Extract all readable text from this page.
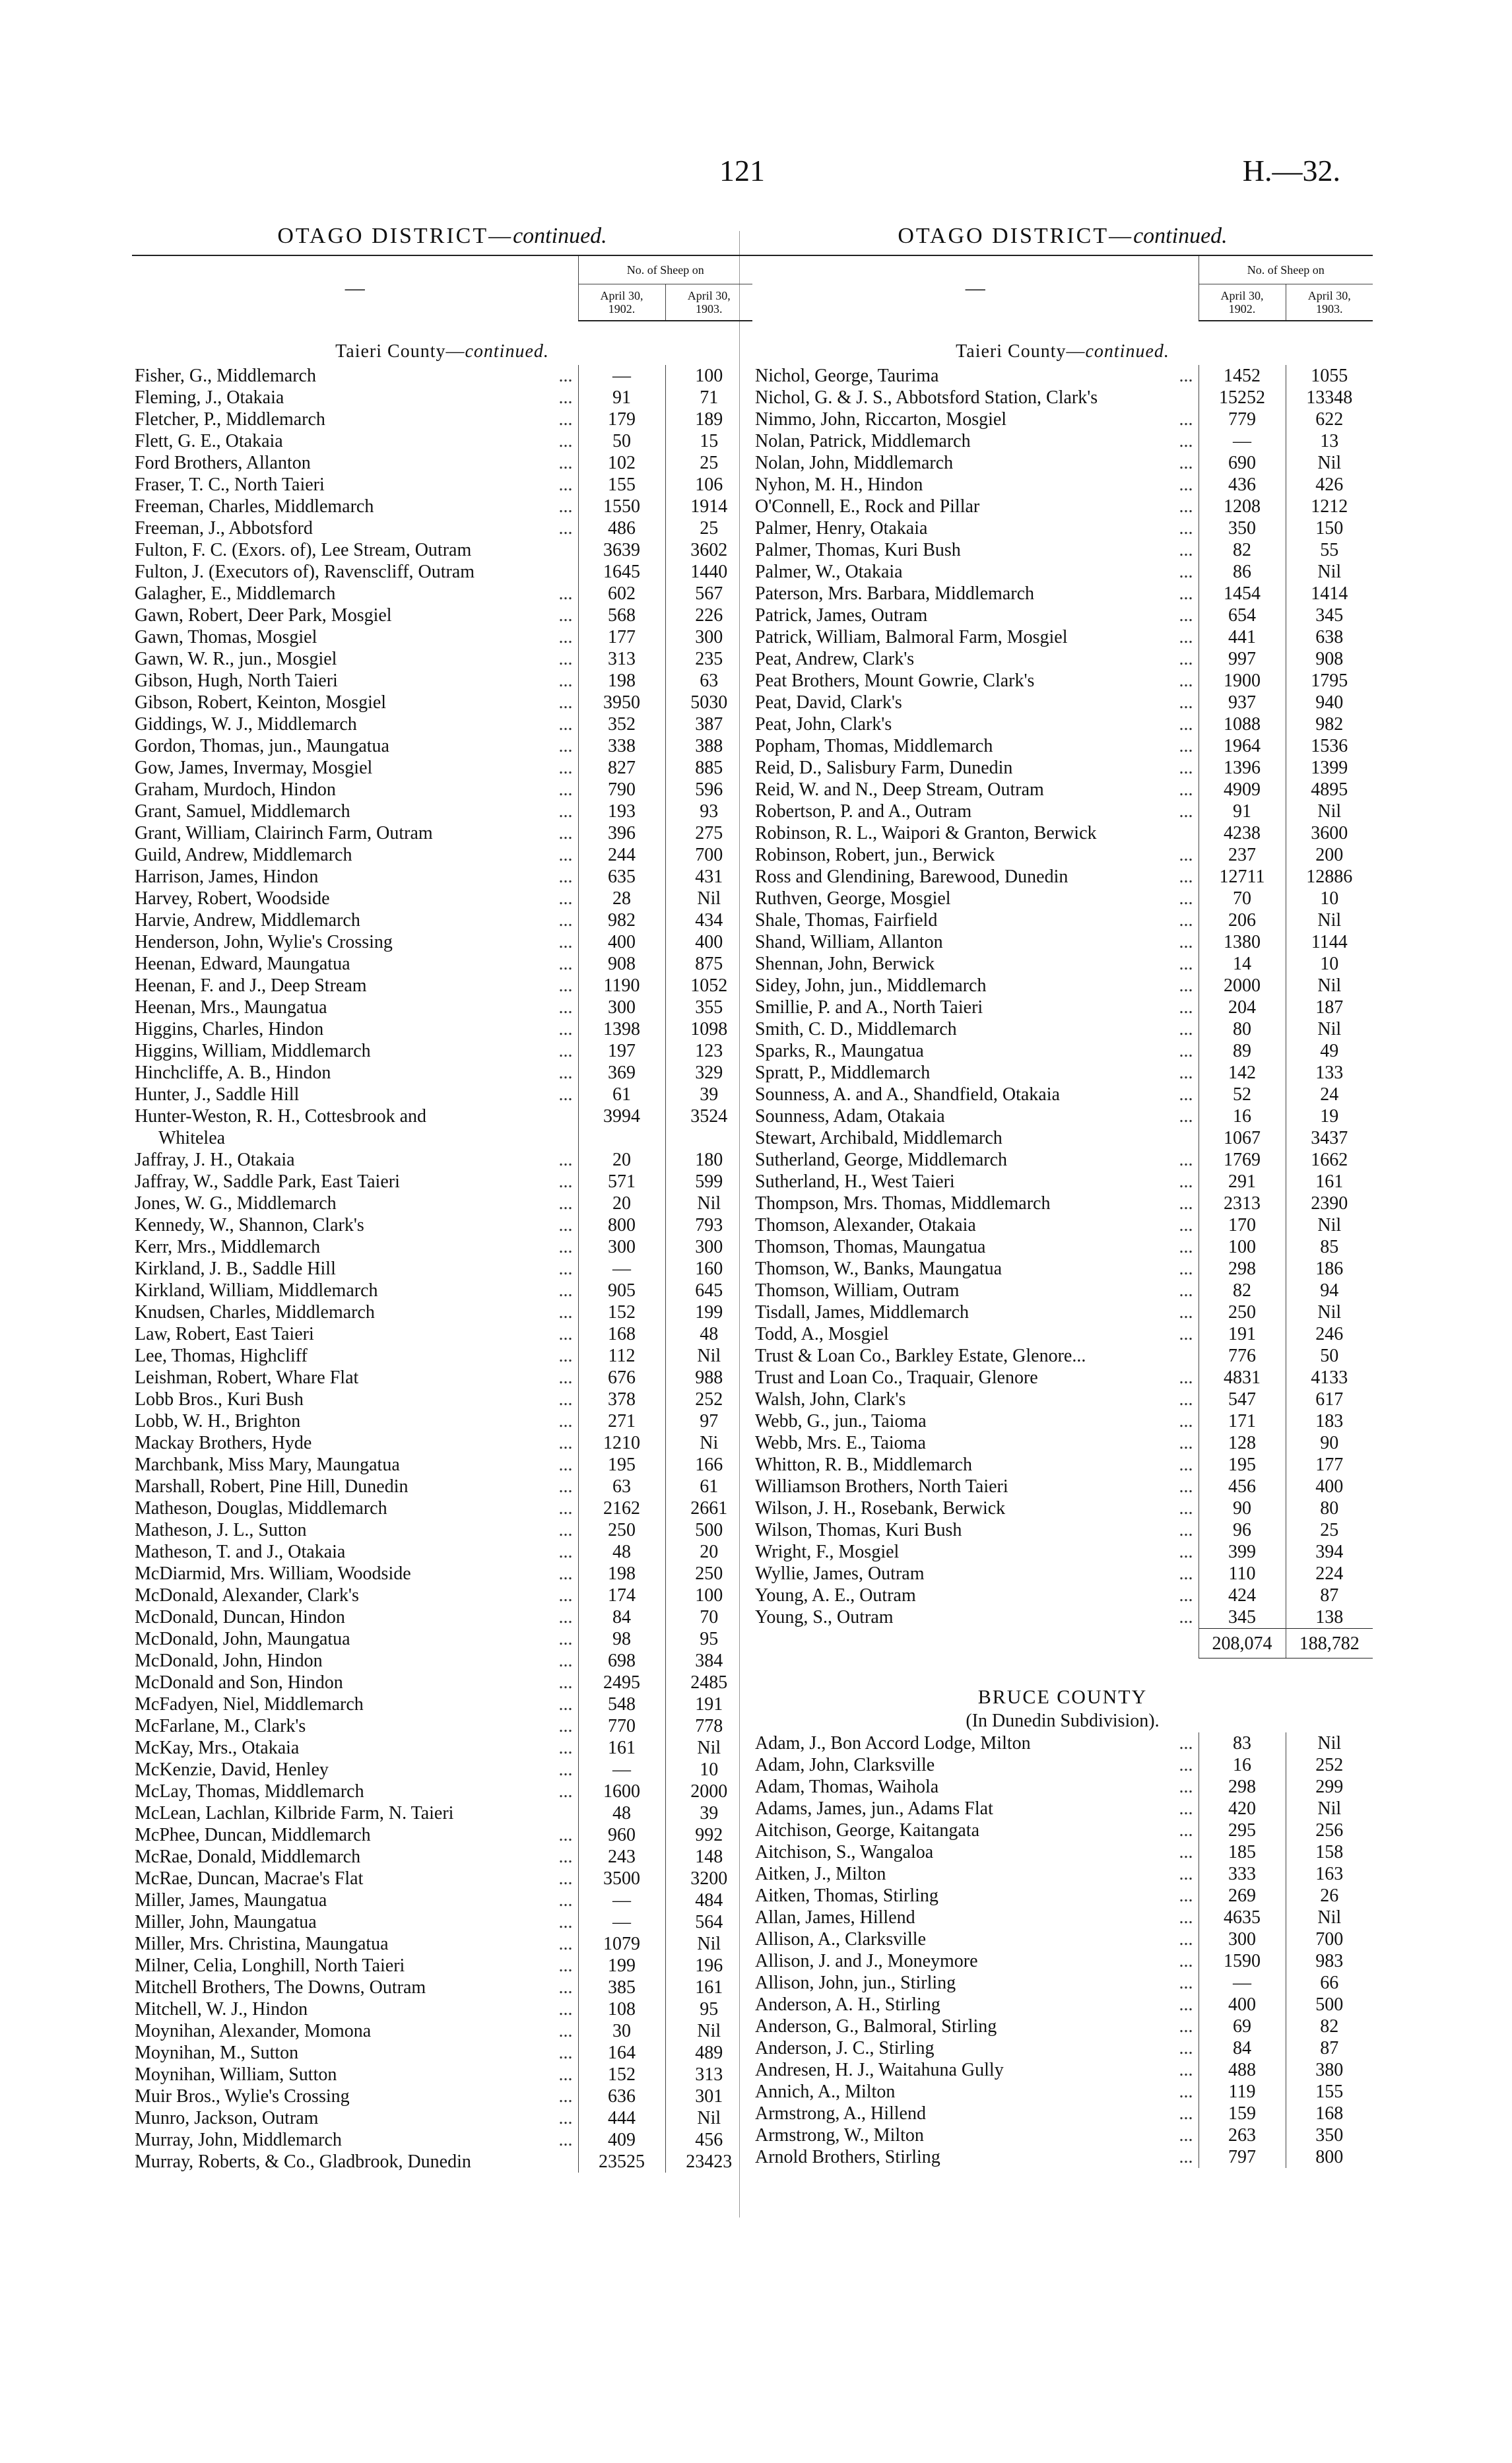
121	H.—32.
OTAGO DISTRICT—continued.
—	No. of Sheep on	
	April 30,
1902.	April 30,
1903.
Taieri County—continued.		
Fisher, G., Middlemarch ...	—	100
Fleming, J., Otakaia ...	91	71
Fletcher, P., Middlemarch ...	179	189
Flett, G. E., Otakaia ...	50	15
Ford Brothers, Allanton ...	102	25
Fraser, T. C., North Taieri ...	155	106
Freeman, Charles, Middlemarch ...	1550	1914
Freeman, J., Abbotsford ...	486	25
Fulton, F. C. (Exors. of), Lee Stream, Outram	3639	3602
Fulton, J. (Executors of), Ravenscliff, Outram	1645	1440
Galagher, E., Middlemarch ...	602	567
Gawn, Robert, Deer Park, Mosgiel ...	568	226
Gawn, Thomas, Mosgiel ...	177	300
Gawn, W. R., jun., Mosgiel ...	313	235
Gibson, Hugh, North Taieri ...	198	63
Gibson, Robert, Keinton, Mosgiel ...	3950	5030
Giddings, W. J., Middlemarch ...	352	387
Gordon, Thomas, jun., Maungatua ...	338	388
Gow, James, Invermay, Mosgiel ...	827	885
Graham, Murdoch, Hindon ...	790	596
Grant, Samuel, Middlemarch ...	193	93
Grant, William, Clairinch Farm, Outram ...	396	275
Guild, Andrew, Middlemarch ...	244	700
Harrison, James, Hindon ...	635	431
Harvey, Robert, Woodside ...	28	Nil
Harvie, Andrew, Middlemarch ...	982	434
Henderson, John, Wylie's Crossing ...	400	400
Heenan, Edward, Maungatua ...	908	875
Heenan, F. and J., Deep Stream ...	1190	1052
Heenan, Mrs., Maungatua ...	300	355
Higgins, Charles, Hindon ...	1398	1098
Higgins, William, Middlemarch ...	197	123
Hinchcliffe, A. B., Hindon ...	369	329
Hunter, J., Saddle Hill ...	61	39
Hunter-Weston, R. H., Cottesbrook and	3994	3524
Whitelea		
Jaffray, J. H., Otakaia ...	20	180
Jaffray, W., Saddle Park, East Taieri ...	571	599
Jones, W. G., Middlemarch ...	20	Nil
Kennedy, W., Shannon, Clark's ...	800	793
Kerr, Mrs., Middlemarch ...	300	300
Kirkland, J. B., Saddle Hill ...	—	160
Kirkland, William, Middlemarch ...	905	645
Knudsen, Charles, Middlemarch ...	152	199
Law, Robert, East Taieri ...	168	48
Lee, Thomas, Highcliff ...	112	Nil
Leishman, Robert, Whare Flat ...	676	988
Lobb Bros., Kuri Bush ...	378	252
Lobb, W. H., Brighton ...	271	97
Mackay Brothers, Hyde ...	1210	Ni
Marchbank, Miss Mary, Maungatua ...	195	166
Marshall, Robert, Pine Hill, Dunedin ...	63	61
Matheson, Douglas, Middlemarch ...	2162	2661
Matheson, J. L., Sutton ...	250	500
Matheson, T. and J., Otakaia ...	48	20
McDiarmid, Mrs. William, Woodside ...	198	250
McDonald, Alexander, Clark's ...	174	100
McDonald, Duncan, Hindon ...	84	70
McDonald, John, Maungatua ...	98	95
McDonald, John, Hindon ...	698	384
McDonald and Son, Hindon ...	2495	2485
McFadyen, Niel, Middlemarch ...	548	191
McFarlane, M., Clark's ...	770	778
McKay, Mrs., Otakaia ...	161	Nil
McKenzie, David, Henley ...	—	10
McLay, Thomas, Middlemarch ...	1600	2000
McLean, Lachlan, Kilbride Farm, N. Taieri	48	39
McPhee, Duncan, Middlemarch ...	960	992
McRae, Donald, Middlemarch ...	243	148
McRae, Duncan, Macrae's Flat ...	3500	3200
Miller, James, Maungatua ...	—	484
Miller, John, Maungatua ...	—	564
Miller, Mrs. Christina, Maungatua ...	1079	Nil
Milner, Celia, Longhill, North Taieri ...	199	196
Mitchell Brothers, The Downs, Outram ...	385	161
Mitchell, W. J., Hindon ...	108	95
Moynihan, Alexander, Momona ...	30	Nil
Moynihan, M., Sutton ...	164	489
Moynihan, William, Sutton ...	152	313
Muir Bros., Wylie's Crossing ...	636	301
Munro, Jackson, Outram ...	444	Nil
Murray, John, Middlemarch ...	409	456
Murray, Roberts, & Co., Gladbrook, Dunedin	23525	23423
OTAGO DISTRICT—continued.
—	No. of Sheep on	
	April 30,
1902.	April 30,
1903.
Taieri County—continued.		
Nichol, George, Taurima ...	1452	1055
Nichol, G. & J. S., Abbotsford Station, Clark's	15252	13348
Nimmo, John, Riccarton, Mosgiel ...	779	622
Nolan, Patrick, Middlemarch ...	—	13
Nolan, John, Middlemarch ...	690	Nil
Nyhon, M. H., Hindon ...	436	426
O'Connell, E., Rock and Pillar ...	1208	1212
Palmer, Henry, Otakaia ...	350	150
Palmer, Thomas, Kuri Bush ...	82	55
Palmer, W., Otakaia ...	86	Nil
Paterson, Mrs. Barbara, Middlemarch ...	1454	1414
Patrick, James, Outram ...	654	345
Patrick, William, Balmoral Farm, Mosgiel ...	441	638
Peat, Andrew, Clark's ...	997	908
Peat Brothers, Mount Gowrie, Clark's ...	1900	1795
Peat, David, Clark's ...	937	940
Peat, John, Clark's ...	1088	982
Popham, Thomas, Middlemarch ...	1964	1536
Reid, D., Salisbury Farm, Dunedin ...	1396	1399
Reid, W. and N., Deep Stream, Outram ...	4909	4895
Robertson, P. and A., Outram ...	91	Nil
Robinson, R. L., Waipori & Granton, Berwick	4238	3600
Robinson, Robert, jun., Berwick ...	237	200
Ross and Glendining, Barewood, Dunedin ...	12711	12886
Ruthven, George, Mosgiel ...	70	10
Shale, Thomas, Fairfield ...	206	Nil
Shand, William, Allanton ...	1380	1144
Shennan, John, Berwick ...	14	10
Sidey, John, jun., Middlemarch ...	2000	Nil
Smillie, P. and A., North Taieri ...	204	187
Smith, C. D., Middlemarch ...	80	Nil
Sparks, R., Maungatua ...	89	49
Spratt, P., Middlemarch ...	142	133
Sounness, A. and A., Shandfield, Otakaia ...	52	24
Sounness, Adam, Otakaia ...	16	19
Stewart, Archibald, Middlemarch	1067	3437
Sutherland, George, Middlemarch ...	1769	1662
Sutherland, H., West Taieri ...	291	161
Thompson, Mrs. Thomas, Middlemarch ...	2313	2390
Thomson, Alexander, Otakaia ...	170	Nil
Thomson, Thomas, Maungatua ...	100	85
Thomson, W., Banks, Maungatua ...	298	186
Thomson, William, Outram ...	82	94
Tisdall, James, Middlemarch ...	250	Nil
Todd, A., Mosgiel ...	191	246
Trust & Loan Co., Barkley Estate, Glenore...	776	50
Trust and Loan Co., Traquair, Glenore ...	4831	4133
Walsh, John, Clark's ...	547	617
Webb, G., jun., Taioma ...	171	183
Webb, Mrs. E., Taioma ...	128	90
Whitton, R. B., Middlemarch ...	195	177
Williamson Brothers, North Taieri ...	456	400
Wilson, J. H., Rosebank, Berwick ...	90	80
Wilson, Thomas, Kuri Bush ...	96	25
Wright, F., Mosgiel ...	399	394
Wyllie, James, Outram ...	110	224
Young, A. E., Outram ...	424	87
Young, S., Outram ...	345	138
	208,074	188,782
BRUCE COUNTY		
(In Dunedin Subdivision).		
Adam, J., Bon Accord Lodge, Milton ...	83	Nil
Adam, John, Clarksville ...	16	252
Adam, Thomas, Waihola ...	298	299
Adams, James, jun., Adams Flat ...	420	Nil
Aitchison, George, Kaitangata ...	295	256
Aitchison, S., Wangaloa ...	185	158
Aitken, J., Milton ...	333	163
Aitken, Thomas, Stirling ...	269	26
Allan, James, Hillend ...	4635	Nil
Allison, A., Clarksville ...	300	700
Allison, J. and J., Moneymore ...	1590	983
Allison, John, jun., Stirling ...	—	66
Anderson, A. H., Stirling ...	400	500
Anderson, G., Balmoral, Stirling ...	69	82
Anderson, J. C., Stirling ...	84	87
Andresen, H. J., Waitahuna Gully ...	488	380
Annich, A., Milton ...	119	155
Armstrong, A., Hillend ...	159	168
Armstrong, W., Milton ...	263	350
Arnold Brothers, Stirling ...	797	800
